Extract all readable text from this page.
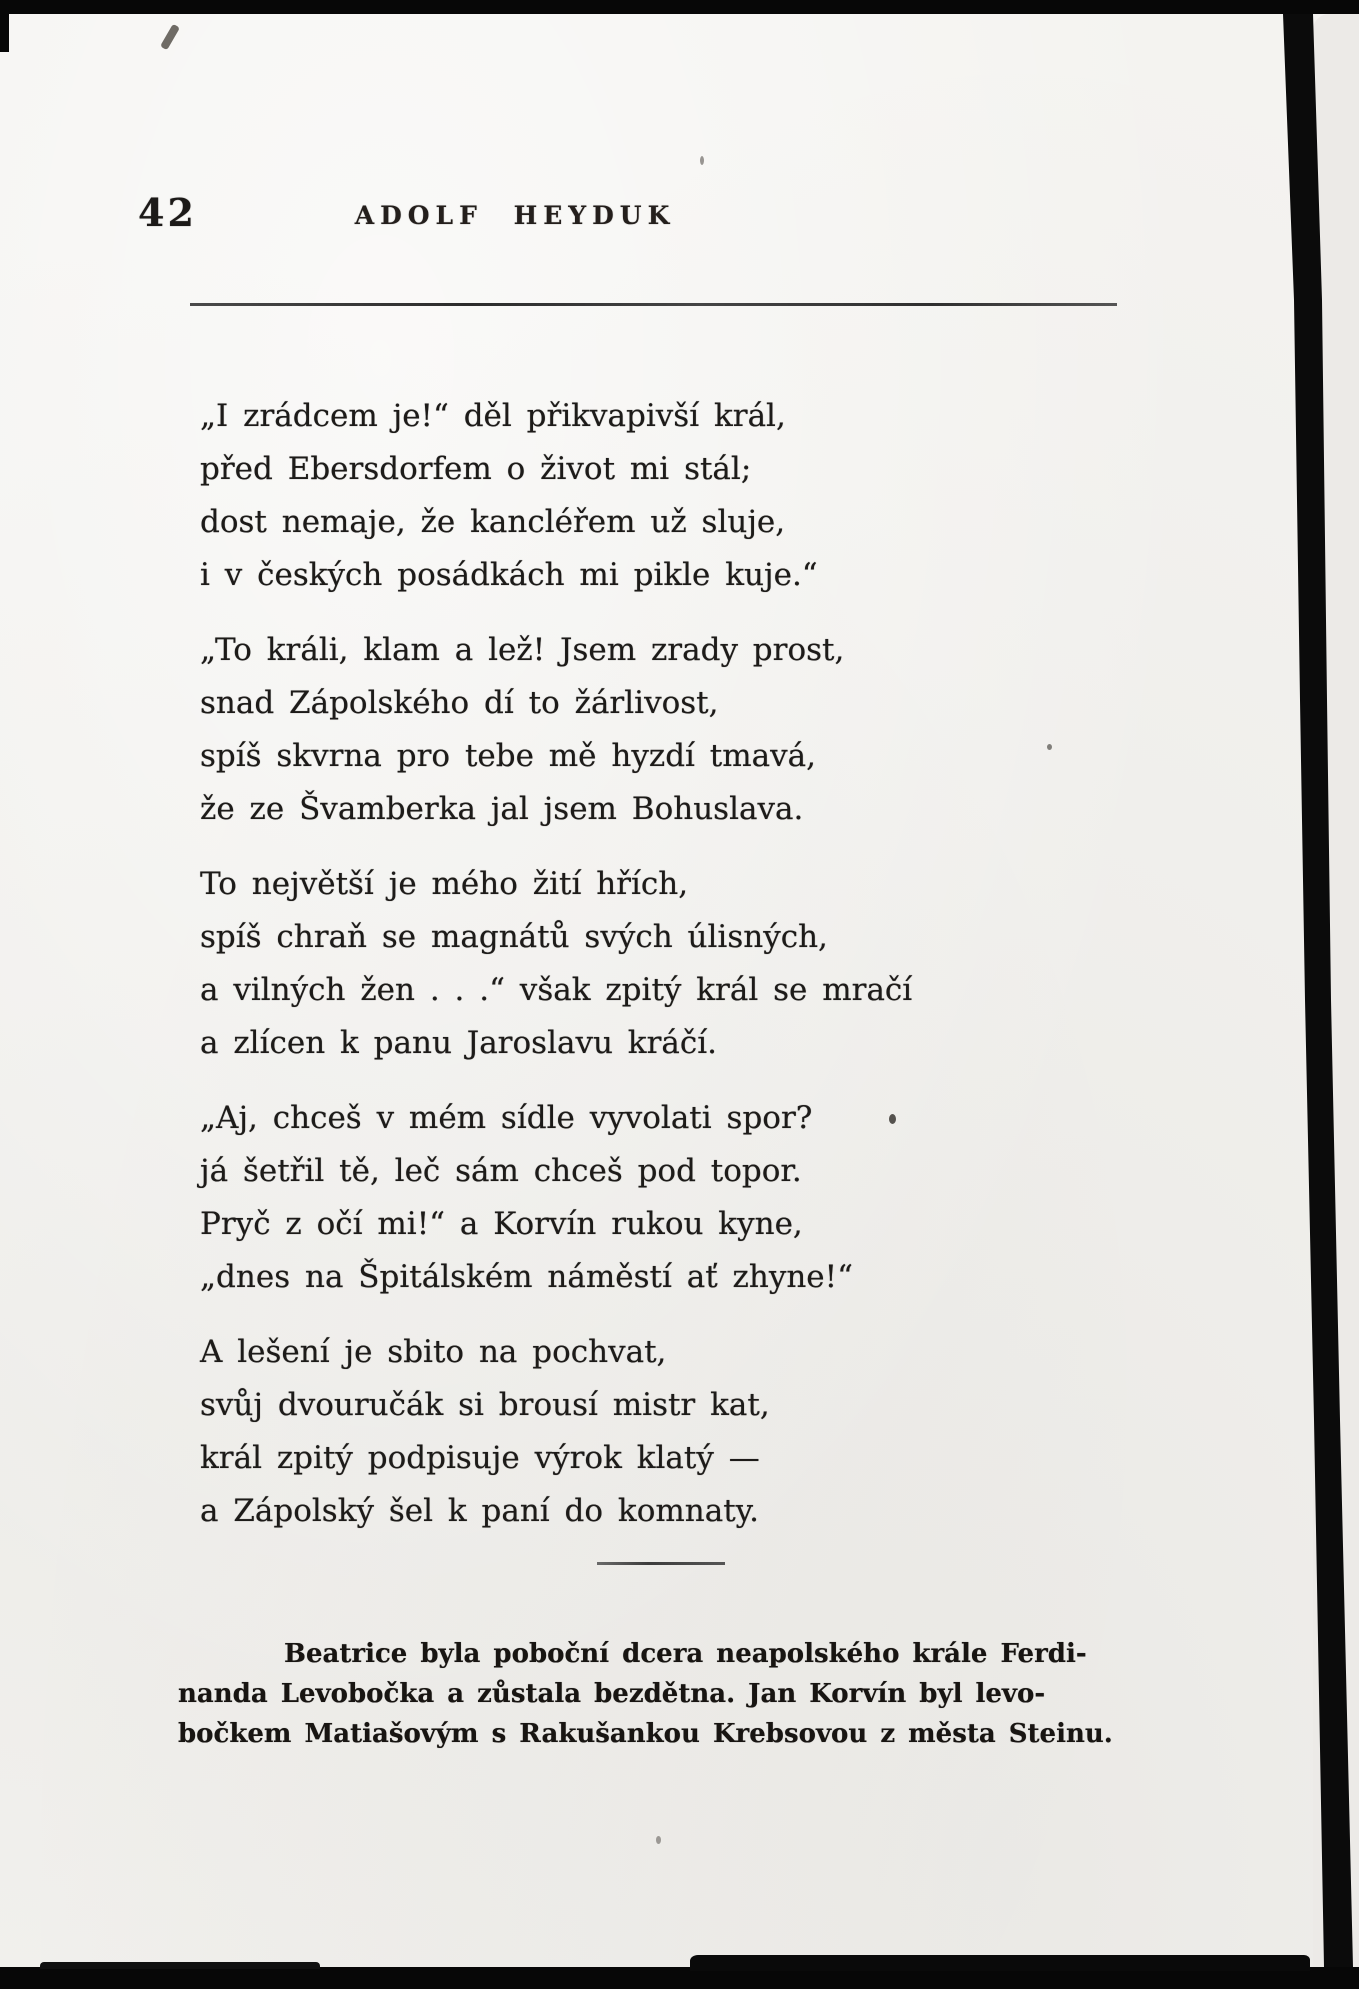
42	ADOLF HEYDUK
„I zrádcem je!“ děl přikvapivší král,
před Ebersdorfem o život mi stál;
dost nemaje, že kancléřem už sluje,
i v českých posádkách mi pikle kuje.“
„To králi, klam a lež! Jsem zrady prost,
snad Zápolského dí to žárlivost,
spíš skvrna pro tebe mě hyzdí tmavá,
že ze Švamberka jal jsem Bohuslava.
To největší je mého žití hřích,
spíš chraň se magnátů svých úlisných,
a vilných žen . . .“ však zpitý král se mračí
a zlícen k panu Jaroslavu kráčí.
„Aj, chceš v mém sídle vyvolati spor?
já šetřil tě, leč sám chceš pod topor.
Pryč z očí mi!“ a Korvín rukou kyne,
„dnes na Špitálském náměstí ať zhyne!“
A lešení je sbito na pochvat,
svůj dvouručák si brousí mistr kat,
král zpitý podpisuje výrok klatý —
a Zápolský šel k paní do komnaty.
Beatrice byla poboční dcera neapolského krále Ferdi-
nanda Levobočka a zůstala bezdětna. Jan Korvín byl levo-
bočkem Matiašovým s Rakušankou Krebsovou z města Steinu.
